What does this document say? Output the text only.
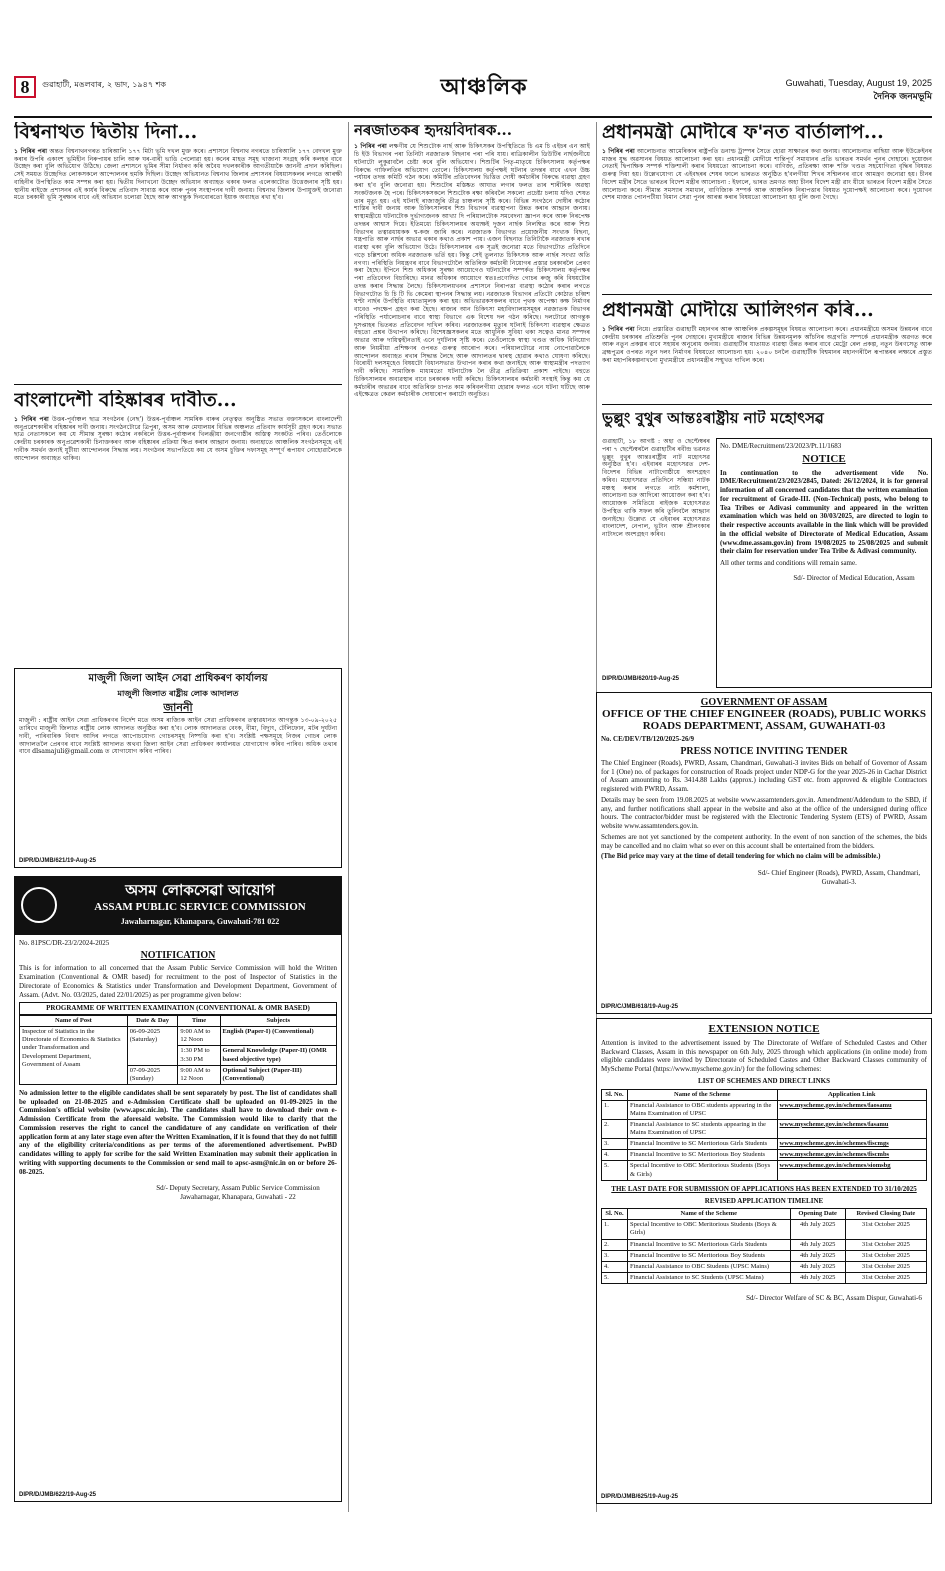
8	গুৱাহাটী, মঙলবাৰ, ২ ভাদ, ১৯৪৭ শক	আঞ্চলিক	Guwahati, Tuesday, August 19, 2025
দৈনিক জনমভূমি
বিশ্বনাথত দ্বিতীয় দিনা...

১ পিৰিৰ পৰা অন্তত বিশ্বনাথনগৰত চাৰিআলি ১৭৭ মিটা ভূমি দখল মুক্ত কৰে। প্ৰশাসনে বিশ্বনাথ নগৰতে চাৰিআলি ১৭৭ বেদখল মুক্ত কৰাৰ উপৰি একাংশ ভূমিহীন নিৰুপায়ৰ চালি আৰু ঘৰ-বাৰী ভাঙি পেলোৱা হয়। কনেৰ মাহত সমূহ খাজানা সংগ্ৰহ কৰি কলহৰ বাবে উচ্ছেদ কৰা বুলি অভিযোগ উঠিছে। জেলা প্ৰশাসনে ভূমিৰ সীমা নিৰ্ধাৰণ কৰি অবৈধ দখলকাৰীক আগতীয়াকৈ জাননী প্ৰদান কৰিছিল। সেই সময়ত উচ্ছেদিত লোকসকলে আন্দোলনৰ হুমকি দিছিল। উচ্ছেদ অভিযানত বিশ্বনাথ জিলাৰ প্ৰশাসনৰ বিষয়াসকলৰ লগতে আৰক্ষী বাহিনীৰ উপস্থিতিত কাম সম্পন্ন কৰা হয়। দ্বিতীয় দিনাখনো উচ্ছেদ অভিযান অব্যাহত থকাৰ ফলত এলেকাটোত উত্তেজনাৰ সৃষ্টি হয়। স্থানীয় ৰাইজে প্ৰশাসনৰ এই কাৰ্যৰ বিৰুদ্ধে প্ৰতিবাদ সাব্যস্ত কৰে আৰু পুনৰ সংস্থাপনৰ দাবী জনায়। বিশ্বনাথ জিলাৰ উপায়ুক্তই জনোৱা মতে চৰকাৰী ভূমি সুৰক্ষাৰ বাবে এই অভিযান চলোৱা হৈছে আৰু আগন্তুক দিনবোৰতো ইয়াক অব্যাহত ৰখা হ'ব।

বাংলাদেশী বহিষ্কাৰৰ দাবীত...

১ পিৰিৰ পৰা উত্তৰ-পূৰ্বাঞ্চল ছাত্ৰ সংগঠনৰ (নেছ') উত্তৰ-পূৰ্বাঞ্চল সামৰিক বাৰুৰ নেতৃত্বত অনুষ্ঠিত সভাত বক্তাসকলে বাংলাদেশী অনুপ্ৰৱেশকাৰীৰ বহিষ্কাৰৰ দাবী জনায়। সংগঠনটোৱে ত্ৰিপুৰা, অসম আৰু মেঘালয়ৰ বিভিন্ন অঞ্চলত প্ৰতিবাদ কাৰ্যসূচী গ্ৰহণ কৰে। সভাত ছাত্ৰ নেতাসকলে কয় যে সীমান্ত সুৰক্ষা কঠোৰ নকৰিলে উত্তৰ-পূৰ্বাঞ্চলৰ খিলঞ্জীয়া জনগোষ্ঠীৰ অস্তিত্ব সংকটত পৰিব। তেওঁলোকে কেন্দ্ৰীয় চৰকাৰক অনুপ্ৰৱেশকাৰী চিনাক্তকৰণ আৰু বহিষ্কাৰৰ প্ৰক্ৰিয়া ক্ষিপ্ৰ কৰাৰ আহ্বান জনায়। অন্যহাতে আঞ্চলিক সংগঠনসমূহে এই দাবীক সমৰ্থন জনাই যুটীয়া আন্দোলনৰ সিদ্ধান্ত লয়। সংগঠনৰ সভাপতিয়ে কয় যে অসম চুক্তিৰ দফাসমূহ সম্পূৰ্ণ ৰূপায়ণ নোহোৱালৈকে আন্দোলন অব্যাহত থাকিব।

মাজুলী জিলা আইন সেৱা প্ৰাধিকৰণ কাৰ্যালয়
মাজুলী জিলাত ৰাষ্ট্ৰীয় লোক আদালত
জাননী

মাজুলী : ৰাষ্ট্ৰীয় আইন সেৱা প্ৰাধিকৰণৰ নিৰ্দেশ মতে অসম ৰাজ্যিক আইন সেৱা প্ৰাধিকৰণৰ তত্বাৱধানত আগন্তুক ১৩-০৯-২০২৫ তাৰিখে মাজুলী জিলাত ৰাষ্ট্ৰীয় লোক আদালত অনুষ্ঠিত কৰা হ'ব। লোক আদালতত বেংক, বীমা, বিদ্যুৎ, টেলিফোন, মটৰ দুৰ্ঘটনা দাবী, পাৰিবাৰিক বিবাদ আদিৰ লগতে আপোচযোগ্য গোচৰসমূহ নিষ্পত্তি কৰা হ'ব। সংশ্লিষ্ট পক্ষসমূহে নিজৰ গোচৰ লোক আদালতলৈ প্ৰেৰণৰ বাবে সংশ্লিষ্ট আদালত অথবা জিলা আইন সেৱা প্ৰাধিকৰণ কাৰ্যালয়ত যোগাযোগ কৰিব পাৰিব। অধিক তথ্যৰ বাবে dlsamajuli@gmail.com ত যোগাযোগ কৰিব পাৰিব।

DIPR/D/JMB/621/19-Aug-25
অসম লোকসেৱা আয়োগ
ASSAM PUBLIC SERVICE COMMISSION
Jawaharnagar, Khanapara, Guwahati-781 022
No. 81PSC/DR-23/2/2024-2025
NOTIFICATION

This is for information to all concerned that the Assam Public Service Commission will hold the Written Examination (Conventional & OMR based) for recruitment to the post of Inspector of Statistics in the Directorate of Economics & Statistics under Transformation and Development Department, Government of Assam. (Advt. No. 03/2025, dated 22/01/2025) as per programme given below:

PROGRAMME OF WRITTEN EXAMINATION (CONVENTIONAL & OMR BASED)
Name of Post	Date & Day	Time	Subjects
Inspector of Statistics in the Directorate of Economics & Statistics under Transformation and Development Department, Government of Assam	06-09-2025 (Saturday)	9:00 AM to 12 Noon	English (Paper-I) (Conventional)
		1:30 PM to 3:30 PM	General Knowledge (Paper-II) (OMR based objective type)
	07-09-2025 (Sunday)	9:00 AM to 12 Noon	Optional Subject (Paper-III) (Conventional)

No admission letter to the eligible candidates shall be sent separately by post. The list of candidates shall be uploaded on 21-08-2025 and e-Admission Certificate shall be uploaded on 01-09-2025 in the Commission's official website (www.apsc.nic.in). The candidates shall have to download their own e-Admission Certificate from the aforesaid website. The Commission would like to clarify that the Commission reserves the right to cancel the candidature of any candidate on verification of their application form at any later stage even after the Written Examination, if it is found that they do not fulfill any of the eligibility criteria/conditions as per terms of the aforementioned advertisement. PwBD candidates willing to apply for scribe for the said Written Examination may submit their application in writing with supporting documents to the Commission or send mail to apsc-asm@nic.in on or before 26-08-2025.

Sd/- Deputy Secretary, Assam Public Service Commission Jawaharnagar, Khanapara, Guwahati - 22
DIPR/D/JMB/622/19-Aug-25
নৰজাতকৰ হৃদয়বিদাৰক...

১ পিৰিৰ পৰা লক্ষণীয় যে শিশুটোক নাৰ্ছ আৰু চিকিৎসকৰ উপস্থিতিতে চি এম চি এইচৰ এন আই চি ইউ বিভাগৰ পৰা তিনিটা নৱজাতক বিছনাৰ পৰা পৰি যায়। ৰাত্ৰিকালীন ডিউটিৰ নাৰ্ছজনীয়ে ঘটনাটো লুকুৱাবলৈ চেষ্টা কৰে বুলি অভিযোগ। শিশুটিৰ পিতৃ-মাতৃয়ে চিকিৎসালয় কৰ্তৃপক্ষৰ বিৰুদ্ধে গাফিলতিৰ অভিযোগ তোলে। চিকিৎসালয় কৰ্তৃপক্ষই ঘটনাৰ তদন্তৰ বাবে এখন উচ্চ পৰ্যায়ৰ তদন্ত কমিটি গঠন কৰে। কমিটিৰ প্ৰতিবেদনৰ ভিত্তিত দোষী কৰ্মচাৰীৰ বিৰুদ্ধে ব্যৱস্থা গ্ৰহণ কৰা হ'ব বুলি জনোৱা হয়। শিশুটোৰ মস্তিষ্কত আঘাত লগাৰ ফলত তাৰ শাৰীৰিক অৱস্থা সংকটজনক হৈ পৰে। চিকিৎসকসকলে শিশুটোক ৰক্ষা কৰিবলৈ সকলো প্ৰচেষ্টা চলায় যদিও শেষত তাৰ মৃত্যু হয়। এই ঘটনাই ৰাজ্যজুৰি তীব্ৰ চাঞ্চল্যৰ সৃষ্টি কৰে। বিভিন্ন সংগঠনে দোষীৰ কঠোৰ শাস্তিৰ দাবী জনায় আৰু চিকিৎসালয়ৰ শিশু বিভাগৰ ব্যৱস্থাপনা উন্নত কৰাৰ আহ্বান জনায়। স্বাস্থ্যমন্ত্ৰীয়ে ঘটনাটোক দুৰ্ভাগ্যজনক আখ্যা দি পৰিয়ালটোক সমবেদনা জ্ঞাপন কৰে আৰু নিৰপেক্ষ তদন্তৰ আশ্বাস দিয়ে। ইতিমধ্যে চিকিৎসালয়ৰ অধ্যক্ষই দুজন নাৰ্ছক নিলম্বিত কৰে আৰু শিশু বিভাগৰ তত্বাৱধায়কক শ্ব-কজ জাৰি কৰে। নৱজাতক বিভাগত প্ৰয়োজনীয় সংখ্যক বিছনা, যন্ত্ৰপাতি আৰু নাৰ্ছৰ অভাৱ থকাৰ কথাও প্ৰকাশ পায়। এজন বিছনাত তিনিটাকৈ নৱজাতক ৰখাৰ ব্যৱস্থা থকা বুলি অভিযোগ উঠে। চিকিৎসালয়ৰ এক সূত্ৰই জনোৱা মতে বিভাগটোত প্ৰতিদিনে গড়ে চল্লিশৰো অধিক নৱজাতক ভৰ্তি হয়। কিন্তু সেই তুলনাত চিকিৎসক আৰু নাৰ্ছৰ সংখ্যা অতি নগণ্য। পৰিস্থিতি নিয়ন্ত্ৰণৰ বাবে বিভাগটোলৈ অতিৰিক্ত কৰ্মচাৰী নিয়োগৰ প্ৰস্তাৱ চৰকাৰলৈ প্ৰেৰণ কৰা হৈছে। ইপিনে শিশু অধিকাৰ সুৰক্ষা আয়োগেও ঘটনাটোৰ সম্পৰ্কত চিকিৎসালয় কৰ্তৃপক্ষৰ পৰা প্ৰতিবেদন বিচাৰিছে। মানৱ অধিকাৰ আয়োগে স্বতঃপ্ৰণোদিত গোচৰ ৰুজু কৰি বিষয়টোৰ তদন্ত কৰাৰ সিদ্ধান্ত লৈছে। চিকিৎসালয়খনৰ প্ৰশাসনে নিৰাপত্তা ব্যৱস্থা কঠোৰ কৰাৰ লগতে বিভাগটোত চি চি টি ভি কেমেৰা স্থাপনৰ সিদ্ধান্ত লয়। নৱজাতক বিভাগৰ প্ৰতিটো কোঠাত চব্বিশ ঘণ্টা নাৰ্ছৰ উপস্থিতি বাধ্যতামূলক কৰা হয়। অভিভাৱকসকলৰ বাবে পৃথক অপেক্ষা কক্ষ নিৰ্মাণৰ বাবেও পদক্ষেপ গ্ৰহণ কৰা হৈছে। ৰাজ্যৰ আন চিকিৎসা মহাবিদ্যালয়সমূহৰ নৱজাতক বিভাগৰ পৰিস্থিতি পৰ্যালোচনাৰ বাবে স্বাস্থ্য বিভাগে এক বিশেষ দল গঠন কৰিছে। দলটোৱে আগন্তুক দুসপ্তাহৰ ভিতৰত প্ৰতিবেদন দাখিল কৰিব। নৱজাতকৰ মৃত্যুৰ ঘটনাই চিকিৎসা ব্যৱস্থাৰ ক্ষেত্ৰত বহুতো প্ৰশ্নৰ উত্থাপন কৰিছে। বিশেষজ্ঞসকলৰ মতে আধুনিক সুবিধা থকা সত্বেও মানৱ সম্পদৰ অভাৱ আৰু দায়িত্বহীনতাই এনে দুৰ্ঘটনাৰ সৃষ্টি কৰে। তেওঁলোকে স্বাস্থ্য খণ্ডত অধিক বিনিয়োগ আৰু নিয়মীয়া প্ৰশিক্ষণৰ ওপৰত গুৰুত্ব আৰোপ কৰে। পৰিয়ালটোৱে ন্যায় নোপোৱালৈকে আন্দোলন অব্যাহত ৰখাৰ সিদ্ধান্ত লৈছে আৰু আদালতৰ দ্বাৰস্থ হোৱাৰ কথাও ঘোষণা কৰিছে। বিৰোধী দলসমূহেও বিষয়টো বিধানসভাত উত্থাপন কৰাৰ কথা জনাইছে আৰু স্বাস্থ্যমন্ত্ৰীৰ পদত্যাগ দাবী কৰিছে। সামাজিক মাধ্যমতো ঘটনাটোক লৈ তীব্ৰ প্ৰতিক্ৰিয়া প্ৰকাশ পাইছে। বহুতে চিকিৎসালয়ৰ অব্যৱস্থাৰ বাবে চৰকাৰক দায়ী কৰিছে। চিকিৎসালয়ৰ কৰ্মচাৰী সংস্থাই কিন্তু কয় যে কৰ্মচাৰীৰ অভাৱৰ বাবে অতিৰিক্ত চাপত কাম কৰিবলগীয়া হোৱাৰ ফলত এনে ঘটনা ঘটিছে আৰু এইক্ষেত্ৰত কেৱল কৰ্মচাৰীক দোষাৰোপ কৰাটো অনুচিত।

প্ৰধানমন্ত্ৰী মোদীৰে ফ'নত বাৰ্তালাপ...

১ পিৰিৰ পৰা আলোচনাত আমেৰিকাৰ ৰাষ্ট্ৰপতি ডনাল্ড ট্ৰাম্পৰ সৈতে হোৱা সাক্ষাতৰ কথা জনায়। আলোচনাত ৰাছিয়া আৰু ইউক্ৰেইনৰ মাজৰ যুদ্ধ অৱসানৰ বিষয়ত আলোচনা কৰা হয়। প্ৰধানমন্ত্ৰী মোদীয়ে শান্তিপূৰ্ণ সমাধানৰ প্ৰতি ভাৰতৰ সমৰ্থন পুনৰ দোহাৰে। দুয়োজন নেতাই দ্বিপাক্ষিক সম্পৰ্ক শক্তিশালী কৰাৰ বিষয়তো আলোচনা কৰে। বাণিজ্য, প্ৰতিৰক্ষা আৰু শক্তি খণ্ডত সহযোগিতা বৃদ্ধিৰ বিষয়ত গুৰুত্ব দিয়া হয়। উল্লেখযোগ্য যে এইবছৰৰ শেষৰ ফালে ভাৰতত অনুষ্ঠিত হ'বলগীয়া শিখৰ সন্মিলনৰ বাবে আমন্ত্ৰণ জনোৱা হয়। চীনৰ বিদেশ মন্ত্ৰীৰ সৈতে ভাৰতৰ বিদেশ মন্ত্ৰীৰ আলোচনা : ইফালে, ভাৰত ভ্ৰমণত অহা চীনৰ বিদেশ মন্ত্ৰী ৱাং য়ীয়ে ভাৰতৰ বিদেশ মন্ত্ৰীৰ সৈতে আলোচনা কৰে। সীমান্ত সমস্যাৰ সমাধান, বাণিজ্যিক সম্পৰ্ক আৰু আঞ্চলিক নিৰাপত্তাৰ বিষয়ত দুয়োপক্ষই আলোচনা কৰে। দুয়োখন দেশৰ মাজত পোনপটীয়া বিমান সেৱা পুনৰ আৰম্ভ কৰাৰ বিষয়তো আলোচনা হয় বুলি জনা গৈছে।

প্ৰধানমন্ত্ৰী মোদীয়ে আলিংগন কৰি...

১ পিৰিৰ পৰা নিয়ে। প্ৰস্তাৱিত গুৱাহাটী মহানগৰ আৰু আঞ্চলিক প্ৰকল্পসমূহৰ বিষয়ত আলোচনা কৰে। প্ৰধানমন্ত্ৰীয়ে অসমৰ উন্নয়নৰ বাবে কেন্দ্ৰীয় চৰকাৰৰ প্ৰতিশ্ৰুতি পুনৰ দোহাৰে। মুখ্যমন্ত্ৰীয়ে ৰাজ্যৰ বিভিন্ন উন্নয়নমূলক আঁচনিৰ অগ্ৰগতি সম্পৰ্কে প্ৰধানমন্ত্ৰীক অৱগত কৰে আৰু নতুন প্ৰকল্পৰ বাবে সহায়ৰ অনুৰোধ জনায়। গুৱাহাটীৰ যাতায়ত ব্যৱস্থা উন্নত কৰাৰ বাবে মেট্ৰো ৰেল প্ৰকল্প, নতুন উৰণসেতু আৰু ব্ৰহ্মপুত্ৰৰ ওপৰত নতুন দলং নিৰ্মাণৰ বিষয়তো আলোচনা হয়। ২০৪০ চনলৈ গুৱাহাটীক বিশ্বমানৰ মহানগৰীলৈ ৰূপান্তৰৰ লক্ষ্যৰে প্ৰস্তুত কৰা মহাপৰিকল্পনাখনো মুখ্যমন্ত্ৰীয়ে প্ৰধানমন্ত্ৰীৰ সন্মুখত দাখিল কৰে।

ভুল্লুং বুথুৰ আন্তঃৰাষ্ট্ৰীয় নাট মহোৎসৱ

গুৱাহাটী, ১৮ আগষ্ট : অহা ও ছেপ্টেম্বৰৰ পৰা ৭ ছেপ্টেম্বৰলৈ গুৱাহাটীৰ ৰবীন্দ্ৰ ভৱনত ভুল্লুং বুথুৰ আন্তঃৰাষ্ট্ৰীয় নাট মহোৎসৱ অনুষ্ঠিত হ'ব। এইবাৰৰ মহোৎসৱত দেশ-বিদেশৰ বিভিন্ন নাট্যগোষ্ঠীয়ে অংশগ্ৰহণ কৰিব। মহোৎসৱত প্ৰতিদিনে সন্ধিয়া নাটক মঞ্চস্থ কৰাৰ লগতে নাট্য কৰ্মশালা, আলোচনা চক্ৰ আদিৰো আয়োজন কৰা হ'ব। আয়োজক সমিতিয়ে ৰাইজক মহোৎসৱত উপস্থিত থাকি সফল কৰি তুলিবলৈ আহ্বান জনাইছে। উল্লেখ্য যে এইবাৰৰ মহোৎসৱত বাংলাদেশ, নেপাল, ভূটান আৰু শ্ৰীলংকাৰ নাট্যদলে অংশগ্ৰহণ কৰিব।

No. DME/Recruitment/23/2023/Pt.11/1683
NOTICE

In continuation to the advertisement vide No. DME/Recruitment/23/2023/2845, Dated: 26/12/2024, it is for general information of all concerned candidates that the written examination for recruitment of Grade-III. (Non-Technical) posts, who belong to Tea Tribes or Adivasi community and appeared in the written examination which was held on 30/03/2025, are directed to login to their respective accounts available in the link which will be provided in the official website of Directorate of Medical Education, Assam (www.dme.assam.gov.in) from 19/08/2025 to 25/08/2025 and submit their claim for reservation under Tea Tribe & Adivasi community.

All other terms and conditions will remain same.
Sd/- Director of Medical Education, Assam
DIPR/D/JMB/620/19-Aug-25
GOVERNMENT OF ASSAM
OFFICE OF THE CHIEF ENGINEER (ROADS), PUBLIC WORKS ROADS DEPARTMENT, ASSAM, GUWAHATI-03
No. CE/DEV/TB/120/2025-26/9
PRESS NOTICE INVITING TENDER

The Chief Engineer (Roads), PWRD, Assam, Chandmari, Guwahati-3 invites Bids on behalf of Governor of Assam for 1 (One) no. of packages for construction of Roads project under NDP-G for the year 2025-26 in Cachar District of Assam amounting to Rs. 3414.88 Lakhs (approx.) including GST etc. from approved & eligible Contractors registered with PWRD, Assam.

Details may be seen from 19.08.2025 at website www.assamtenders.gov.in. Amendment/Addendum to the SBD, if any, and further notifications shall appear in the website and also at the office of the undersigned during office hours. The contractor/bidder must be registered with the Electronic Tendering System (ETS) of PWRD, Assam website www.assamtenders.gov.in.

Schemes are not yet sanctioned by the competent authority. In the event of non sanction of the schemes, the bids may be cancelled and no claim what so ever on this account shall be entertained from the bidders.

(The Bid price may vary at the time of detail tendering for which no claim will be admissible.)

Sd/- Chief Engineer (Roads), PWRD, Assam, Chandmari, Guwahati-3.
DIPR/C/JMB/618/19-Aug-25
EXTENSION NOTICE

Attention is invited to the advertisement issued by The Directorate of Welfare of Scheduled Castes and Other Backward Classes, Assam in this newspaper on 6th July, 2025 through which applications (in online mode) from eligible candidates were invited by Directorate of Scheduled Castes and Other Backward Classes community of MyScheme Portal (https://www.myscheme.gov.in/) for the following schemes:

LIST OF SCHEMES AND DIRECT LINKS
Sl. No.	Name of the Scheme	Application Link
1.	Financial Assistance to OBC students appearing in the Mains Examination of UPSC	www.myscheme.gov.in/schemes/faosamu
2.	Financial Assistance to SC students appearing in the Mains Examination of UPSC	www.myscheme.gov.in/schemes/fasamu
3.	Financial Incentive to SC Meritorious Girls Students	www.myscheme.gov.in/schemes/fiscmgs
4.	Financial Incentive to SC Meritorious Boy Students	www.myscheme.gov.in/schemes/fiscmbs
5.	Special Incentive to OBC Meritorious Students (Boys & Girls)	www.myscheme.gov.in/schemes/siomsbg
THE LAST DATE FOR SUBMISSION OF APPLICATIONS HAS BEEN EXTENDED TO 31/10/2025
REVISED APPLICATION TIMELINE
Sl. No.	Name of the Scheme	Opening Date	Revised Closing Date
1.	Special Incentive to OBC Meritorious Students (Boys & Girls)	4th July 2025	31st October 2025
2.	Financial Incentive to SC Meritorious Girls Students	4th July 2025	31st October 2025
3.	Financial Incentive to SC Meritorious Boy Students	4th July 2025	31st October 2025
4.	Financial Assistance to OBC Students (UPSC Mains)	4th July 2025	31st October 2025
5.	Financial Assistance to SC Students (UPSC Mains)	4th July 2025	31st October 2025
Sd/- Director Welfare of SC & BC, Assam Dispur, Guwahati-6
DIPR/D/JMB/625/19-Aug-25
